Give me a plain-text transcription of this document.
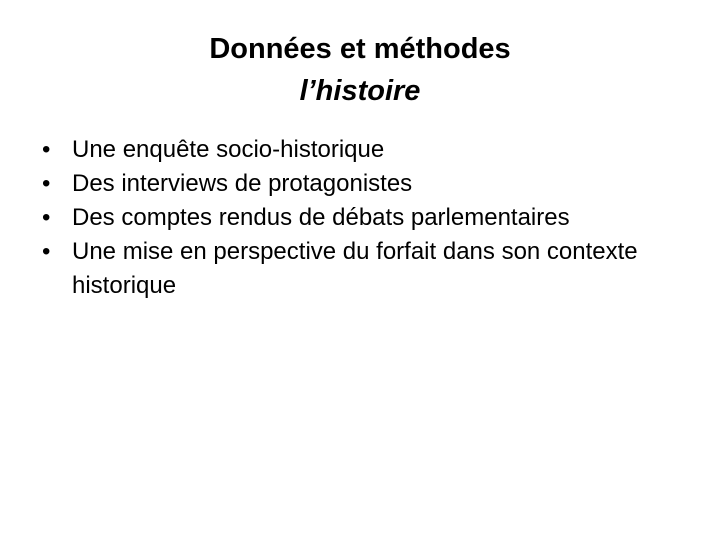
Données et méthodes
l’histoire
• Une enquête socio-historique
• Des interviews de protagonistes
• Des comptes rendus de débats parlementaires
• Une mise en perspective du forfait dans son contexte historique
